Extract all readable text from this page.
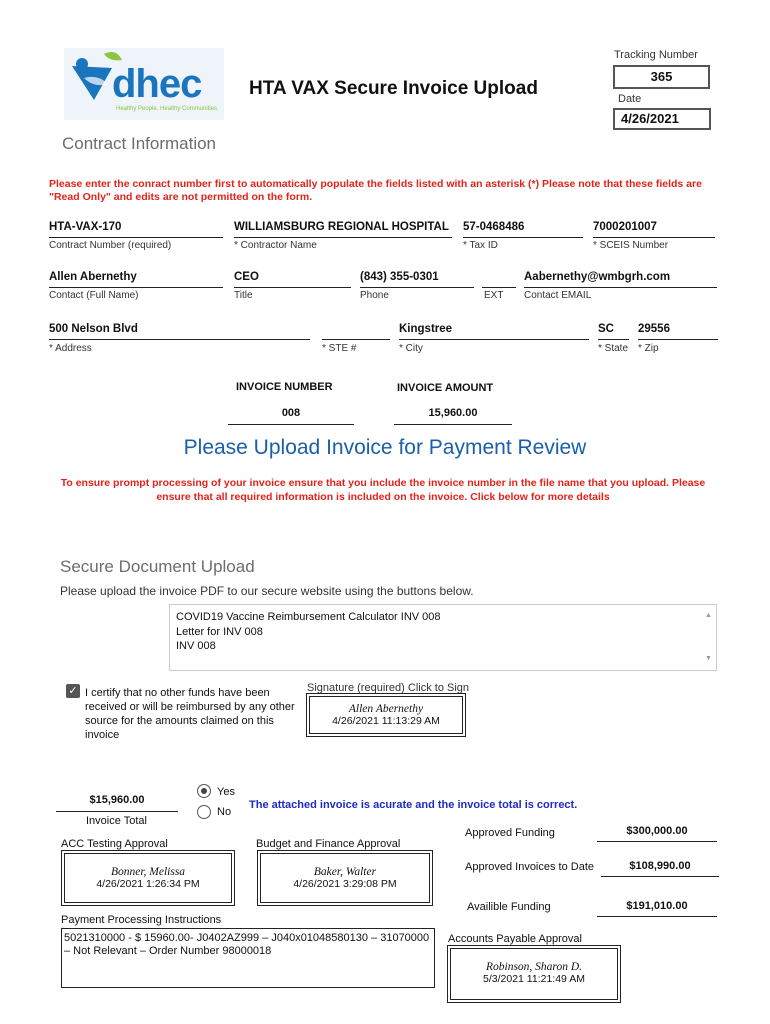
dhec
Healthy People. Healthy Communities.
HTA VAX Secure Invoice Upload
Tracking Number
365
Date
4/26/2021
Contract Information
Please enter the conract number first to automatically populate the fields listed with an asterisk (*) Please note that these fields are "Read Only" and edits are not permitted on the form.
HTA-VAX-170
Contract Number (required)
WILLIAMSBURG REGIONAL HOSPITAL
* Contractor Name
57-0468486
* Tax ID
7000201007
* SCEIS Number
Allen Abernethy
Contact (Full Name)
CEO
Title
(843) 355-0301
Phone	EXT
Aabernethy@wmbgrh.com
Contact EMAIL
500 Nelson Blvd
* Address	* STE #
Kingstree
* City
SC
* State
29556
* Zip
INVOICE NUMBER
008
INVOICE AMOUNT
15,960.00
Please Upload Invoice for Payment Review
To ensure prompt processing of your invoice ensure that you include the invoice number in the file name that you upload. Please ensure that all required information is included on the invoice. Click below for more details
Secure Document Upload
Please upload the invoice PDF to our secure website using the buttons below.
COVID19 Vaccine Reimbursement Calculator INV 008
Letter for INV 008
INV 008
▲
▼
✓ I certify that no other funds have been received or will be reimbursed by any other source for the amounts claimed on this invoice
Signature (required) Click to Sign
Allen Abernethy
4/26/2021 11:13:29 AM
$15,960.00
Invoice Total
Yes
No
The attached invoice is acurate and the invoice total is correct.
ACC Testing Approval
Bonner, Melissa
4/26/2021 1:26:34 PM
Budget and Finance Approval
Baker, Walter
4/26/2021 3:29:08 PM
Approved Funding	$300,000.00
Approved Invoices to Date	$108,990.00
Availible Funding	$191,010.00
Payment Processing Instructions
5021310000 - $ 15960.00- J0402AZ999 – J040x01048580130 – 31070000 – Not Relevant – Order Number 98000018
Accounts Payable Approval
Robinson, Sharon D.
5/3/2021 11:21:49 AM
